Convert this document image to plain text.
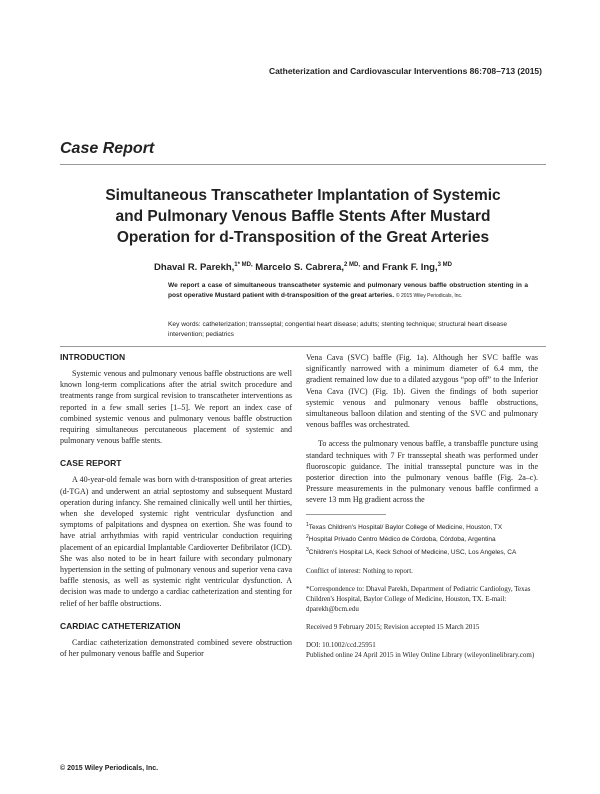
Catheterization and Cardiovascular Interventions 86:708–713 (2015)
Case Report
Simultaneous Transcatheter Implantation of Systemic
and Pulmonary Venous Baffle Stents After Mustard
Operation for d-Transposition of the Great Arteries
Dhaval R. Parekh,$^{1* MD,}$ Marcelo S. Cabrera,$^{2 MD,}$ and Frank F. Ing,$^{3 MD}$
We report a case of simultaneous transcatheter systemic and pulmonary venous baffle obstruction stenting in a post operative Mustard patient with d-transposition of the great arteries. © 2015 Wiley Periodicals, Inc.
Key words: catheterization; transseptal; congential heart disease; adults; stenting technique; structural heart disease intervention; pediatrics
INTRODUCTION

Systemic venous and pulmonary venous baffle obstructions are well known long-term complications after the atrial switch procedure and treatments range from surgical revision to transcatheter interventions as reported in a few small series [1–5]. We report an index case of combined systemic venous and pulmonary venous baffle obstruction requiring simultaneous percutaneous placement of systemic and pulmonary venous baffle stents.

CASE REPORT

A 40-year-old female was born with d-transposition of great arteries (d-TGA) and underwent an atrial septostomy and subsequent Mustard operation during infancy. She remained clinically well until her thirties, when she developed systemic right ventricular dysfunction and symptoms of palpitations and dyspnea on exertion. She was found to have atrial arrhythmias with rapid ventricular conduction requiring placement of an epicardial Implantable Cardioverter Defibrilator (ICD). She was also noted to be in heart failure with secondary pulmonary hypertension in the setting of pulmonary venous and superior vena cava baffle stenosis, as well as systemic right ventricular dysfunction. A decision was made to undergo a cardiac catheterization and stenting for relief of her baffle obstructions.

CARDIAC CATHETERIZATION

Cardiac catheterization demonstrated combined severe obstruction of her pulmonary venous baffle and Superior

Vena Cava (SVC) baffle (Fig. 1a). Although her SVC baffle was significantly narrowed with a minimum diameter of 6.4 mm, the gradient remained low due to a dilated azygous “pop off” to the Inferior Vena Cava (IVC) (Fig. 1b). Given the findings of both superior systemic venous and pulmonary venous baffle obstructions, simultaneous balloon dilation and stenting of the SVC and pulmonary venous baffles was orchestrated.

To access the pulmonary venous baffle, a transbaffle puncture using standard techniques with 7 Fr transseptal sheath was performed under fluoroscopic guidance. The initial transseptal puncture was in the posterior direction into the pulmonary venous baffle (Fig. 2a–c). Pressure measurements in the pulmonary venous baffle confirmed a severe 13 mm Hg gradient across the

$^1$Texas Children's Hospital/ Baylor College of Medicine, Houston, TX

$^2$Hospital Privado Centro Médico de Córdoba, Córdoba, Argentina

$^3$Children's Hospital LA, Keck School of Medicine, USC, Los Angeles, CA

Conflict of interest: Nothing to report.

*Correspondence to: Dhaval Parekh, Department of Pediatric Cardiology, Texas Children's Hospital, Baylor College of Medicine, Houston, TX. E-mail: dparekh@bcm.edu

Received 9 February 2015; Revision accepted 15 March 2015

DOI: 10.1002/ccd.25951

Published online 24 April 2015 in Wiley Online Library (wileyonlinelibrary.com)

© 2015 Wiley Periodicals, Inc.
